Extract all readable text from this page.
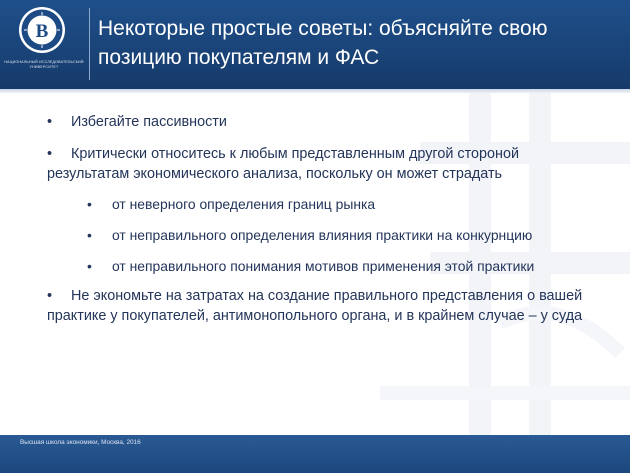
В
НАЦИОНАЛЬНЫЙ ИССЛЕДОВАТЕЛЬСКИЙ
УНИВЕРСИТЕТ
Некоторые простые советы: объясняйте свою
позицию покупателям и ФАС
• Избегайте пассивности
•	Критически относитесь к любым представленным другой стороной результатам экономического анализа, поскольку он может страдать
• от неверного определения границ рынка
• от неправильного определения влияния практики на конкурнцию
• от неправильного понимания мотивов применения этой практики
•	Не экономьте на затратах на создание правильного представления о вашей практике у покупателей, антимонопольного органа, и в крайнем случае – у суда
Высшая школа экономики, Москва, 2016
